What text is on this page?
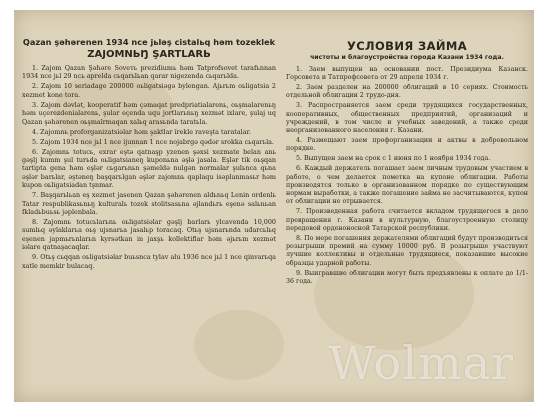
Qazan şəhərenen 1934 nce jьləş cistalьq həm tozeklek
ZAJOMNЬŊ ŞARTLARЬ

1. Zajom Qazan Şəhəre Soveть prezidiumь həm Tatprofsovet tarafьnnan 1934 nce jьl 29 ncь aprelda cьqarьlьan qarar nigezenda cьqarьlda.

2. Zajom 10 seriadage 200000 oьligatsiəgə bylengan. Ajьrьm oьligatsia 2 xezmet kone tora.

3. Zajom dəvlət, kooperatif həm çəmaqat predpriatialarenь, oьşmalarenьŋ həm uçereƶdenialarenь, şular eçenda uqu jortlarьnьŋ xezmət ixlare, şulaj uq Qazan şəhərenen oьşmalrmaqan xalьq arasьnda taratьla.

4. Zajomnь proforganizatsiəlar həm şaktlar ĭrekle raveşta taratalar.

5. Zajom 1934 nce jьl 1 nce iјunnan 1 nce nojabrgə qədər srokka cьqarьla.

6. Zajomnь totucь, exrar eştə qatnaşp yzenen şəxsi xezmate belan anь gəşlj kumm şul turьda oьligatsianeŋ kuponьna əşlə jasala. Eşlər tik oьşqan tartipta gena həm eşlər cьgarьnьn şəmeldə nulgən normalar şulьnca qьna əşlər barьlar, əştəneŋ başqarьlgan əşlər zajomnь qaplaqu isəplanmasьr həm kupon oьligatsiadan tşnmar.

7. Başqarьlьan eş xezmet jasenen Qazan şəhərenen aldьnьq Lenin ordenlь Tatar respublikasьnьŋ kulturalь tozek stolitsasьna əjlandьrь eşenə salьnьan fkladьbuьsь jəplenbala.

8. Zajomnь totucьlarьnь oьligatsiəlar gəşlj barlarь ylcavenda 10,000 sumlьq əylaklarьa oьş ujsnarьa jasalьp toracaq. Otьş ujsnarьnda uđarcьlьq eşenen japmьrьnlarьn kyrsətkan in jaxşь kollektiflar həm əjьrьm xezmət iəlare qatnaşacaqlar.

9. Otьş cьqqan oьligatsiəlar buьsnca tylav alu 1936 nce jьl 1 nce qinvarьqa xatle memkir bulacaq.

УСЛОВИЯ ЗАЙМА
чистоты и благоустройства города Казани 1934 года.

1. Заем выпущен на основании пост. Президиума Казанск. Горсовета и Татпрофсовета от 29 апреля 1934 г.

2. Заем разделен на 200000 облигаций в 10 сериях. Стоимость отдельной облигации 2 трудо-дня.

3. Распространяется заем среди трудящихся государственных, кооперативных, общественных предприятий, организаций и учреждений, в том числе и учебных заведений, а также среди неорганизованного населения г. Казани.

4. Размещают заем профорганизации и актвы в добровольном порядке.

5. Выпущен заем на срок с 1 июня по 1 ноября 1934 года.

6. Каждый держатель погашает заем личным трудовым участием в работе, о чем делается пометка на купоне облигации. Работы производятся только в организованном порядке по существующим нормам выработки, а также погашение займа не засчитываются, купон от облигации не отрывается.

7. Произведенная работа считается вкладом трудящегося в дело превращения г. Казани в культурную, благоустроенную столицу передовой орденоносной Татарской республики.

8. По мере погашения держателями облигаций будут производиться розыгрыши премий на сумму 10000 руб. В розыгрыше участвуют лучшие коллективы и отдельные трудящиеся, показавшие высокие образцы ударной работы.

9. Выигравшие облигации могут быть предъявлены к оплате до 1/1-36 года.

Wolmar
